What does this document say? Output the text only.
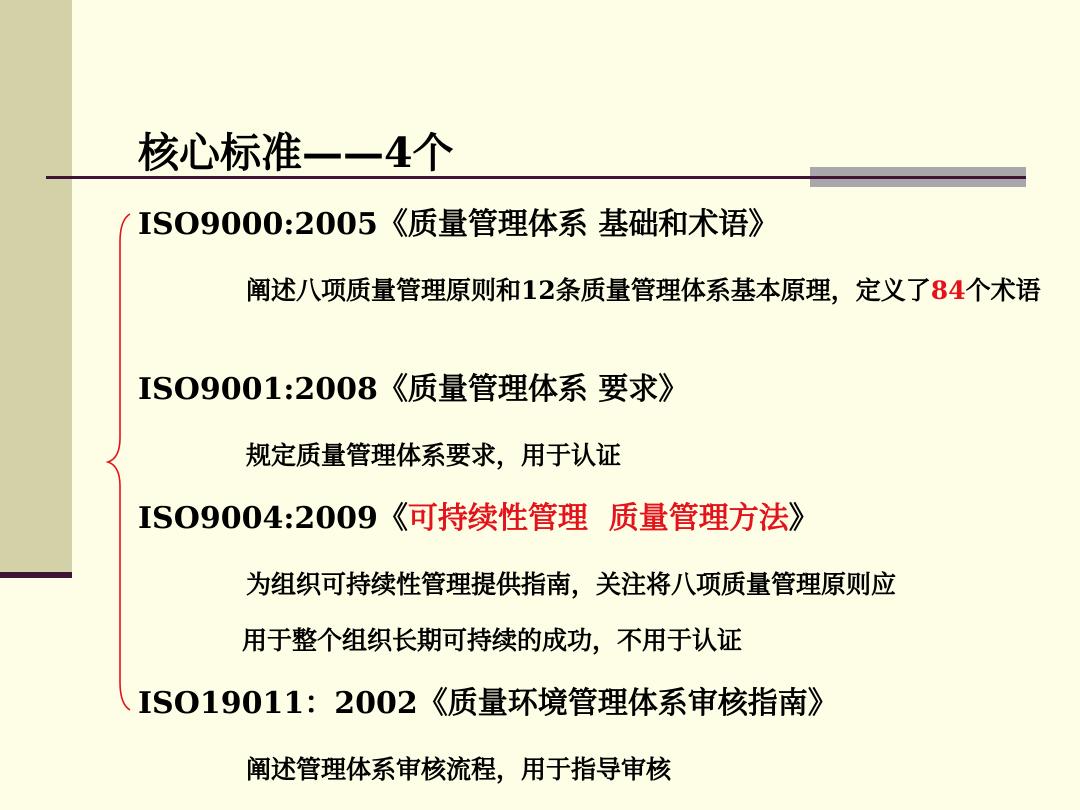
核心标准——4个
ISO9000:2005《质量管理体系 基础和术语》
阐述八项质量管理原则和12条质量管理体系基本原理，定义了84个术语
ISO9001:2008《质量管理体系 要求》
规定质量管理体系要求，用于认证
ISO9004:2009《可持续性管理  质量管理方法》
为组织可持续性管理提供指南，关注将八项质量管理原则应
用于整个组织长期可持续的成功，不用于认证
ISO19011：2002《质量环境管理体系审核指南》
阐述管理体系审核流程，用于指导审核
